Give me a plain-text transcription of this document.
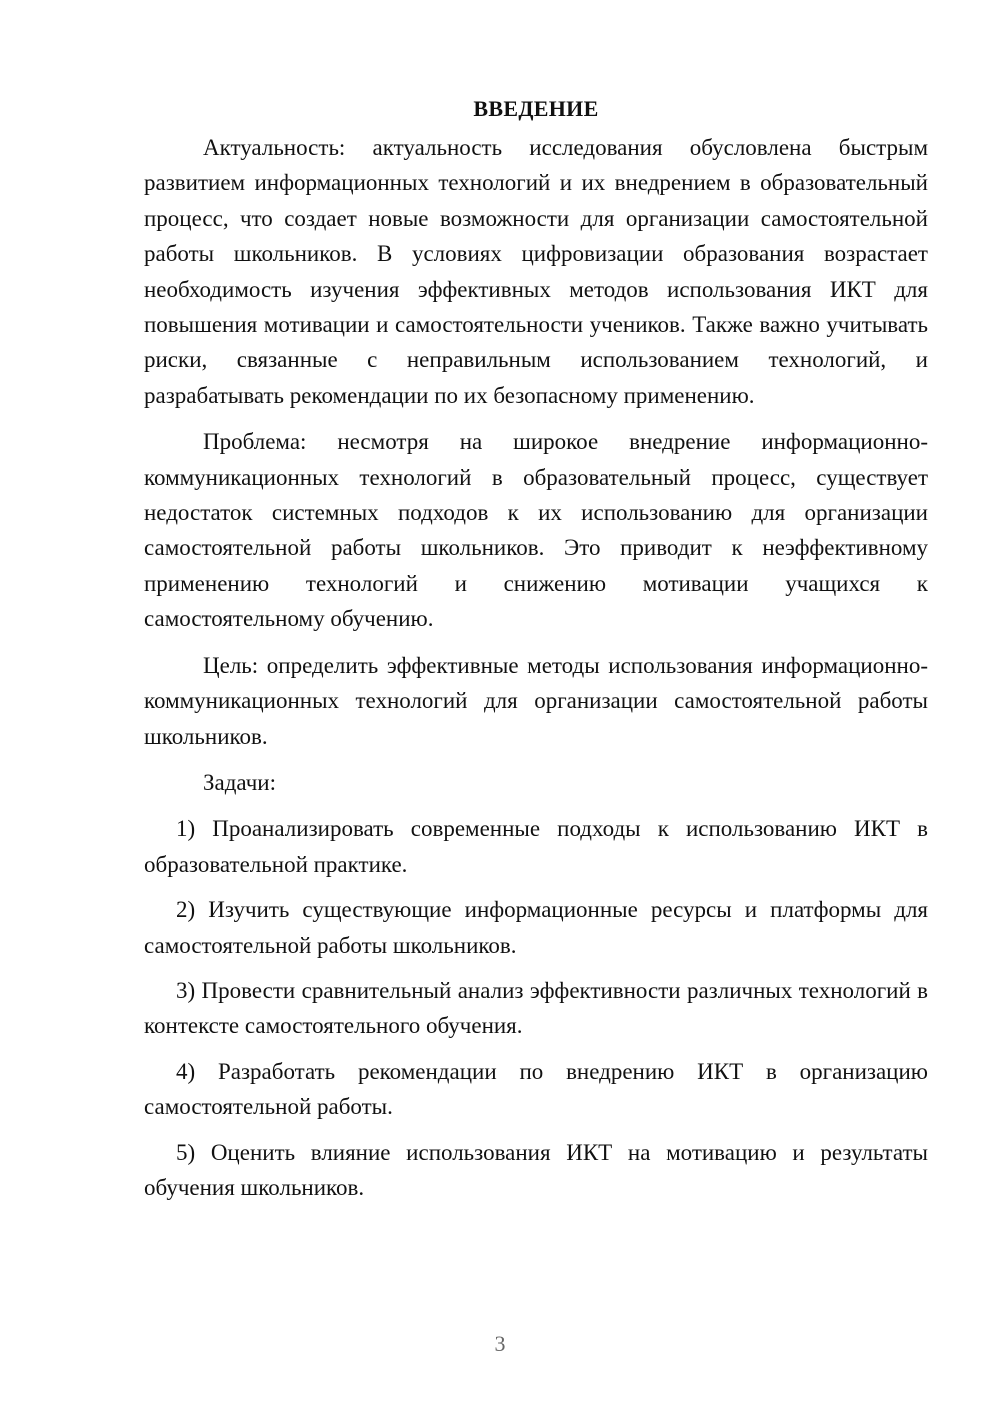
ВВЕДЕНИЕ

Актуальность: актуальность исследования обусловлена быстрым развитием информационных технологий и их внедрением в образовательный процесс, что создает новые возможности для организации самостоятельной работы школьников. В условиях цифровизации образования возрастает необходимость изучения эффективных методов использования ИКТ для повышения мотивации и самостоятельности учеников. Также важно учитывать риски, связанные с неправильным использованием технологий, и разрабатывать рекомендации по их безопасному применению.

Проблема: несмотря на широкое внедрение информационно-коммуникационных технологий в образовательный процесс, существует недостаток системных подходов к их использованию для организации самостоятельной работы школьников. Это приводит к неэффективному применению технологий и снижению мотивации учащихся к самостоятельному обучению.

Цель: определить эффективные методы использования информационно-коммуникационных технологий для организации самостоятельной работы школьников.

Задачи:

1) Проанализировать современные подходы к использованию ИКТ в образовательной практике.

2) Изучить существующие информационные ресурсы и платформы для самостоятельной работы школьников.

3) Провести сравнительный анализ эффективности различных технологий в контексте самостоятельного обучения.

4) Разработать рекомендации по внедрению ИКТ в организацию самостоятельной работы.

5) Оценить влияние использования ИКТ на мотивацию и результаты обучения школьников.

3
